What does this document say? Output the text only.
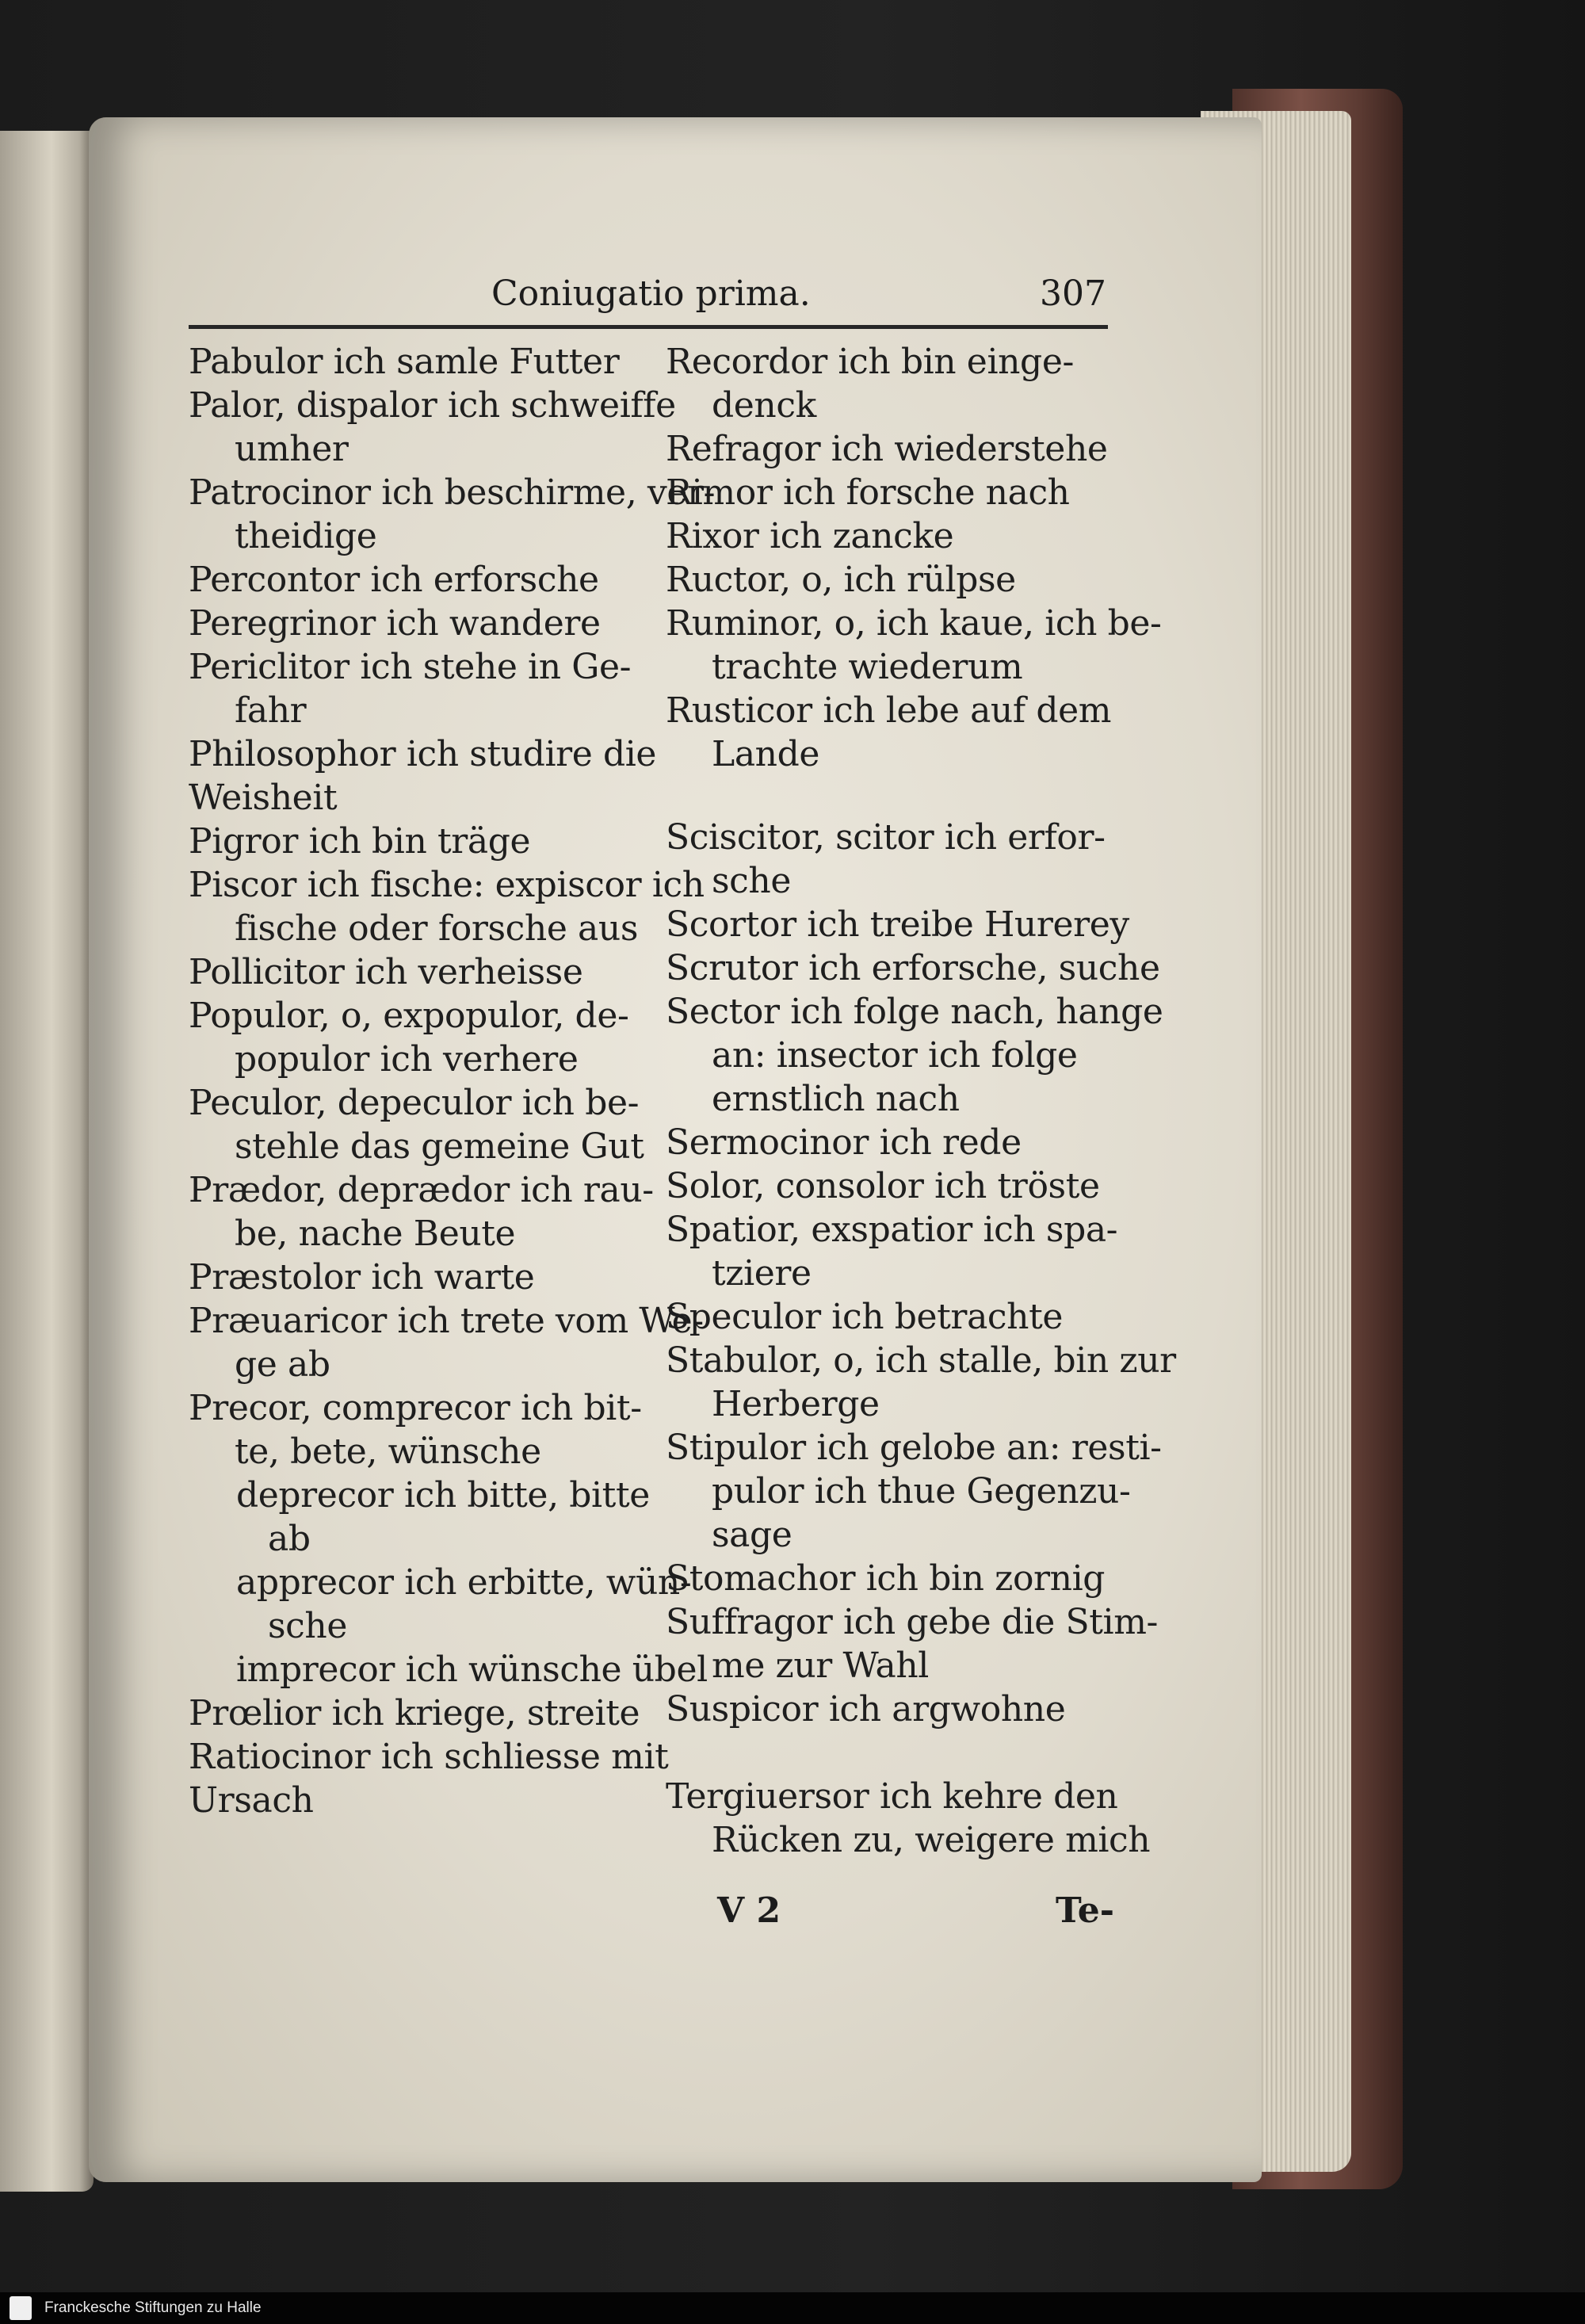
Coniugatio prima.	307
Pabulor ich samle Futter
Palor, dispalor ich schweiffe
umher
Patrocinor ich beschirme, ver-
theidige
Percontor ich erforsche
Peregrinor ich wandere
Periclitor ich stehe in Ge-
fahr
Philosophor ich studire die
Weisheit
Pigror ich bin träge
Piscor ich fische: expiscor ich
fische oder forsche aus
Pollicitor ich verheisse
Populor, o, expopulor, de-
populor ich verhere
Peculor, depeculor ich be-
stehle das gemeine Gut
Prædor, deprædor ich rau-
be, nache Beute
Præstolor ich warte
Præuaricor ich trete vom We-
ge ab
Precor, comprecor ich bit-
te, bete, wünsche
deprecor ich bitte, bitte
ab
apprecor ich erbitte, wün-
sche
imprecor ich wünsche übel
Prœlior ich kriege, streite
Ratiocinor ich schliesse mit
Ursach
Recordor ich bin einge-
denck
Refragor ich wiederstehe
Rimor ich forsche nach
Rixor ich zancke
Ructor, o, ich rülpse
Ruminor, o, ich kaue, ich be-
trachte wiederum
Rusticor ich lebe auf dem
Lande
Sciscitor, scitor ich erfor-
sche
Scortor ich treibe Hurerey
Scrutor ich erforsche, suche
Sector ich folge nach, hange
an: insector ich folge
ernstlich nach
Sermocinor ich rede
Solor, consolor ich tröste
Spatior, exspatior ich spa-
tziere
Speculor ich betrachte
Stabulor, o, ich stalle, bin zur
Herberge
Stipulor ich gelobe an: resti-
pulor ich thue Gegenzu-
sage
Stomachor ich bin zornig
Suffragor ich gebe die Stim-
me zur Wahl
Suspicor ich argwohne
Tergiuersor ich kehre den
Rücken zu, weigere mich
V 2	Te-
Franckesche Stiftungen zu Halle
